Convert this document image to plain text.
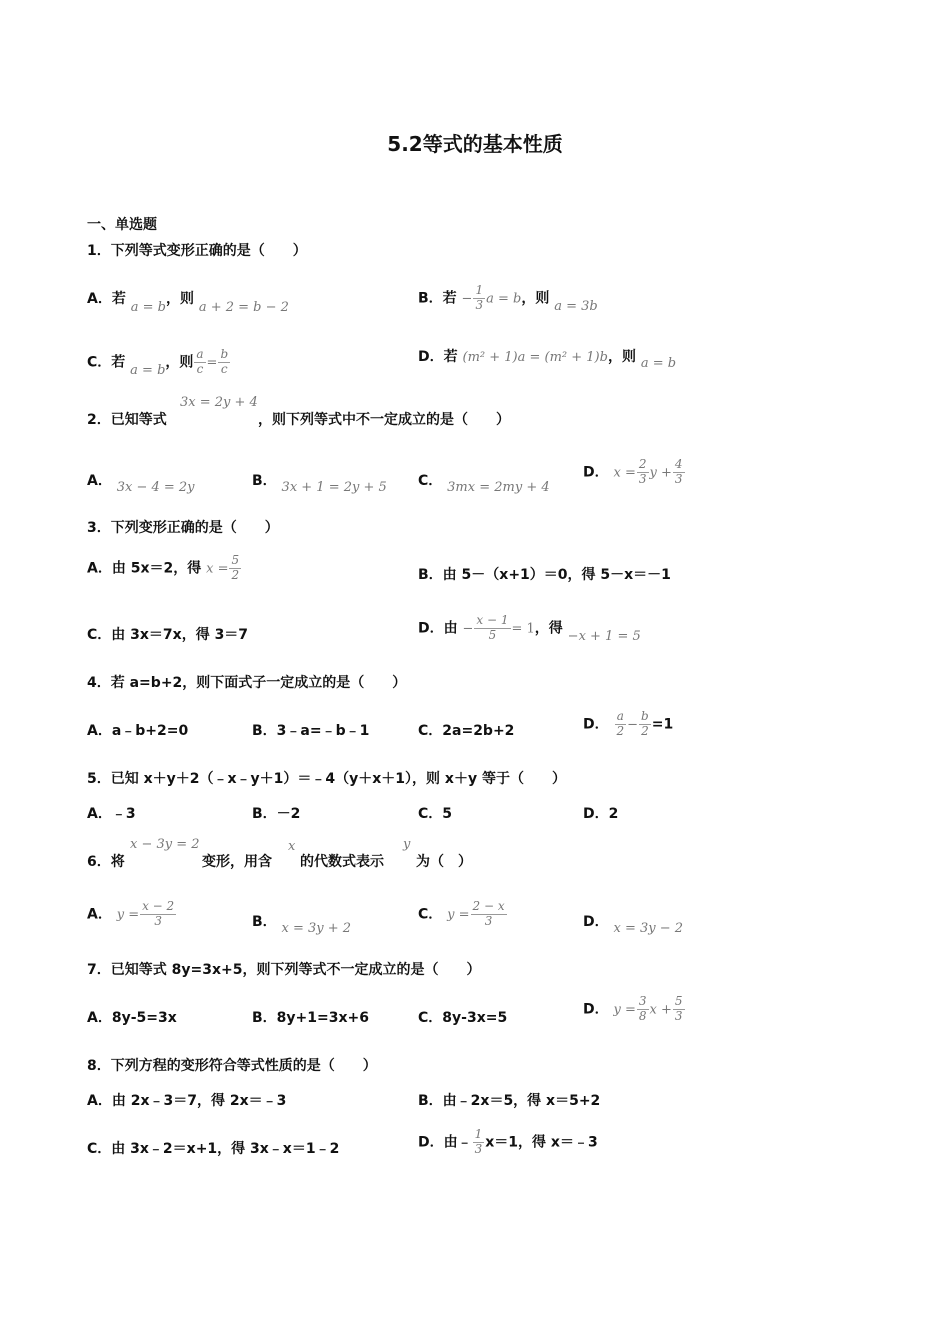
5.2等式的基本性质
一、单选题
1．下列等式变形正确的是（　　）
A．若 a = b，则 a + 2 = b − 2
B．若 − $\frac{1}{3}$ a = b，则 a = 3b
C．若 a = b，则 $\frac{a}{c} = \frac{b}{c}$	D．若 (m² + 1)a = (m² + 1)b，则 a = b
2．已知等式
3x = 2y + 4
，则下列等式中不一定成立的是（　　）
A． 3x − 4 = 2y	B． 3x + 1 = 2y + 5 C． 3mx = 2my + 4
D． $x = \frac{2}{3}$ $y + \frac{4}{3}$
3．下列变形正确的是（　　）
A．由 5x＝2，得 $x = \frac{5}{2}$	B．由 5－（x+1）＝0，得 5－x＝－1
C．由 3x＝7x，得 3＝7	D．由 − $\frac{x - 1}{5} = 1$，得 −x + 1 = 5
4．若 a=b+2，则下面式子一定成立的是（　　）
A．a﹣b+2=0	B．3﹣a=﹣b﹣1	C．2a=2b+2	D． $\frac{a}{2} - \frac{b}{2} =1$
5．已知 x＋y＋2（﹣x﹣y＋1）＝﹣4（y＋x＋1），则 x＋y 等于（　　）
A．﹣3	B．－2	C．5	D．2
6．将
x − 3y = 2
变形，用含
x
的代数式表示
y
为（　）
A． $y = \frac{x - 2}{3}$	B． x = 3y + 2
C． $y = \frac{2 - x}{3}$	D． x = 3y − 2
7．已知等式 8y=3x+5，则下列等式不一定成立的是（　　）
A．8y-5=3x	B．8y+1=3x+6	C．8y-3x=5
D． $y = \frac{3}{8}$ $x + \frac{5}{3}$
8．下列方程的变形符合等式性质的是（　　）
A．由 2x﹣3＝7，得 2x＝﹣3	B．由﹣2x＝5，得 x＝5+2
C．由 3x﹣2＝x+1，得 3x﹣x＝1﹣2	D．由﹣ $\frac{1}{3} x=1$，得 x＝﹣3
